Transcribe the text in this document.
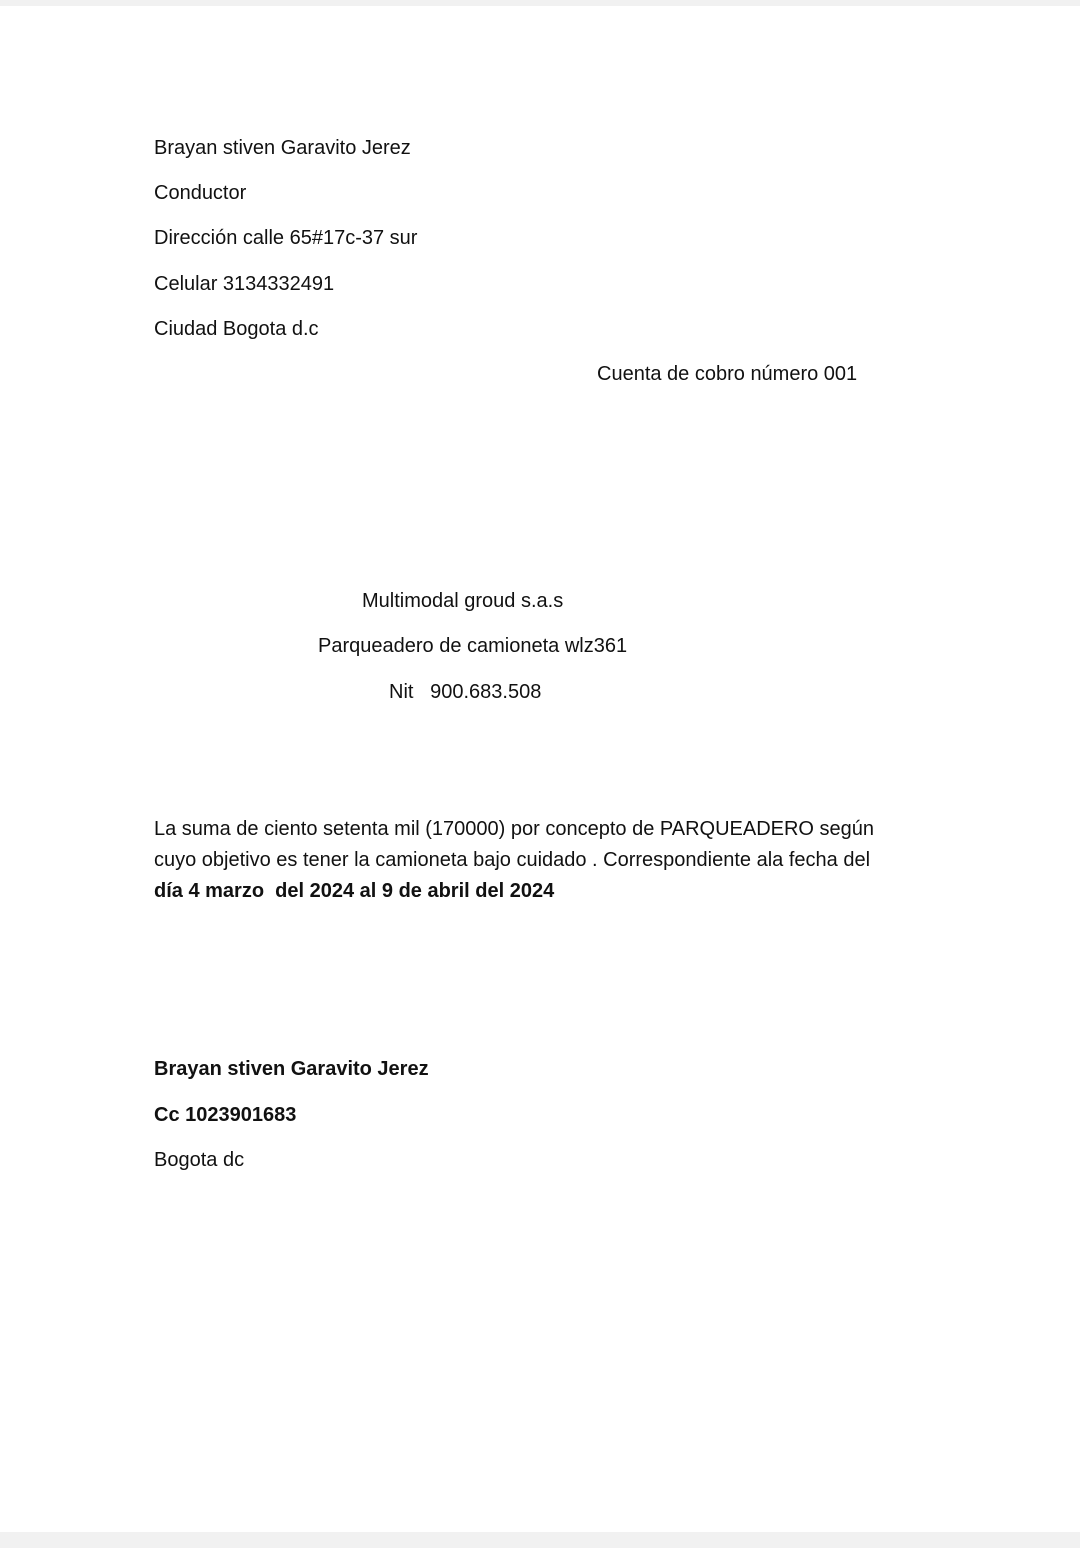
Brayan stiven Garavito Jerez

Conductor

Dirección calle 65#17c-37 sur

Celular 3134332491

Ciudad Bogota d.c

Cuenta de cobro número 001

Multimodal groud s.a.s

Parqueadero de camioneta wlz361

Nit   900.683.508

La suma de ciento setenta mil (170000) por concepto de PARQUEADERO según
cuyo objetivo es tener la camioneta bajo cuidado . Correspondiente ala fecha del
día 4 marzo  del 2024 al 9 de abril del 2024

Brayan stiven Garavito Jerez

Cc 1023901683

Bogota dc
